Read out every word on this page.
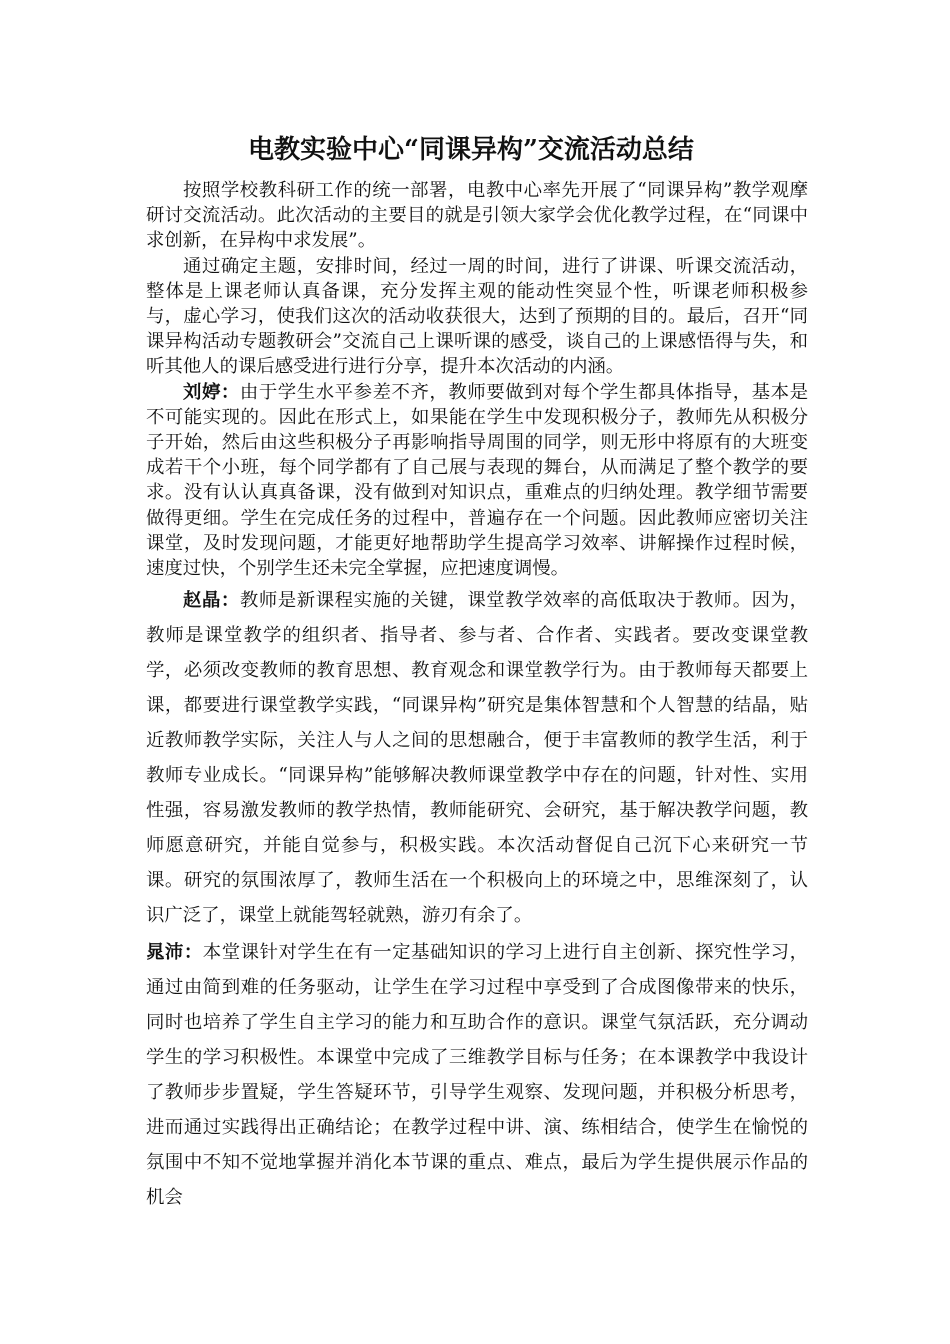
电教实验中心“同课异构”交流活动总结

按照学校教科研工作的统一部署，电教中心率先开展了“同课异构”教学观摩研讨交流活动。此次活动的主要目的就是引领大家学会优化教学过程，在“同课中求创新，在异构中求发展”。

通过确定主题，安排时间，经过一周的时间，进行了讲课、听课交流活动，整体是上课老师认真备课，充分发挥主观的能动性突显个性，听课老师积极参与，虚心学习，使我们这次的活动收获很大，达到了预期的目的。最后，召开“同课异构活动专题教研会”交流自己上课听课的感受，谈自己的上课感悟得与失，和听其他人的课后感受进行进行分享，提升本次活动的内涵。

刘婷：由于学生水平参差不齐，教师要做到对每个学生都具体指导，基本是不可能实现的。因此在形式上，如果能在学生中发现积极分子，教师先从积极分子开始，然后由这些积极分子再影响指导周围的同学，则无形中将原有的大班变成若干个小班，每个同学都有了自己展与表现的舞台，从而满足了整个教学的要求。没有认认真真备课，没有做到对知识点，重难点的归纳处理。教学细节需要做得更细。学生在完成任务的过程中，普遍存在一个问题。因此教师应密切关注课堂，及时发现问题，才能更好地帮助学生提高学习效率、讲解操作过程时候，速度过快，个别学生还未完全掌握，应把速度调慢。

赵晶：教师是新课程实施的关键，课堂教学效率的高低取决于教师。因为，教师是课堂教学的组织者、指导者、参与者、合作者、实践者。要改变课堂教学，必须改变教师的教育思想、教育观念和课堂教学行为。由于教师每天都要上课，都要进行课堂教学实践，“同课异构”研究是集体智慧和个人智慧的结晶，贴近教师教学实际，关注人与人之间的思想融合，便于丰富教师的教学生活，利于教师专业成长。“同课异构”能够解决教师课堂教学中存在的问题，针对性、实用性强，容易激发教师的教学热情，教师能研究、会研究，基于解决教学问题，教师愿意研究，并能自觉参与，积极实践。本次活动督促自己沉下心来研究一节课。研究的氛围浓厚了，教师生活在一个积极向上的环境之中，思维深刻了，认识广泛了，课堂上就能驾轻就熟，游刃有余了。

晁沛：本堂课针对学生在有一定基础知识的学习上进行自主创新、探究性学习，通过由简到难的任务驱动，让学生在学习过程中享受到了合成图像带来的快乐，同时也培养了学生自主学习的能力和互助合作的意识。课堂气氛活跃，充分调动学生的学习积极性。本课堂中完成了三维教学目标与任务；在本课教学中我设计了教师步步置疑，学生答疑环节，引导学生观察、发现问题，并积极分析思考，进而通过实践得出正确结论；在教学过程中讲、演、练相结合，使学生在愉悦的氛围中不知不觉地掌握并消化本节课的重点、难点，最后为学生提供展示作品的机会
